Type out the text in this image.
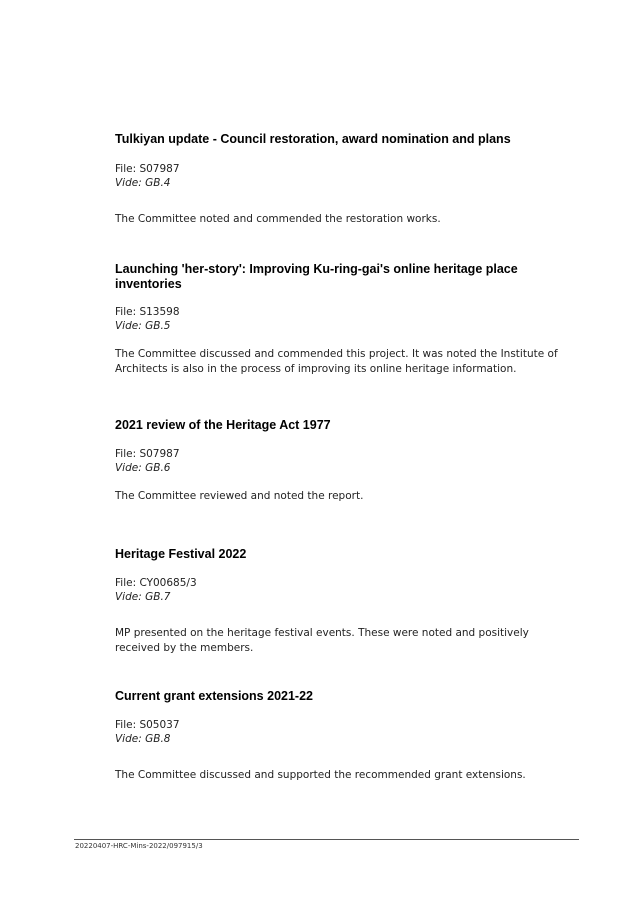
Tulkiyan update - Council restoration, award nomination and plans

File: S07987

Vide: GB.4

The Committee noted and commended the restoration works.

Launching 'her-story': Improving Ku-ring-gai's online heritage place inventories

File: S13598

Vide: GB.5

The Committee discussed and commended this project. It was noted the Institute of Architects is also in the process of improving its online heritage information.

2021 review of the Heritage Act 1977

File: S07987

Vide: GB.6

The Committee reviewed and noted the report.

Heritage Festival 2022

File: CY00685/3

Vide: GB.7

MP presented on the heritage festival events. These were noted and positively received by the members.

Current grant extensions 2021-22

File: S05037

Vide: GB.8

The Committee discussed and supported the recommended grant extensions.

20220407-HRC-Mins-2022/097915/3
